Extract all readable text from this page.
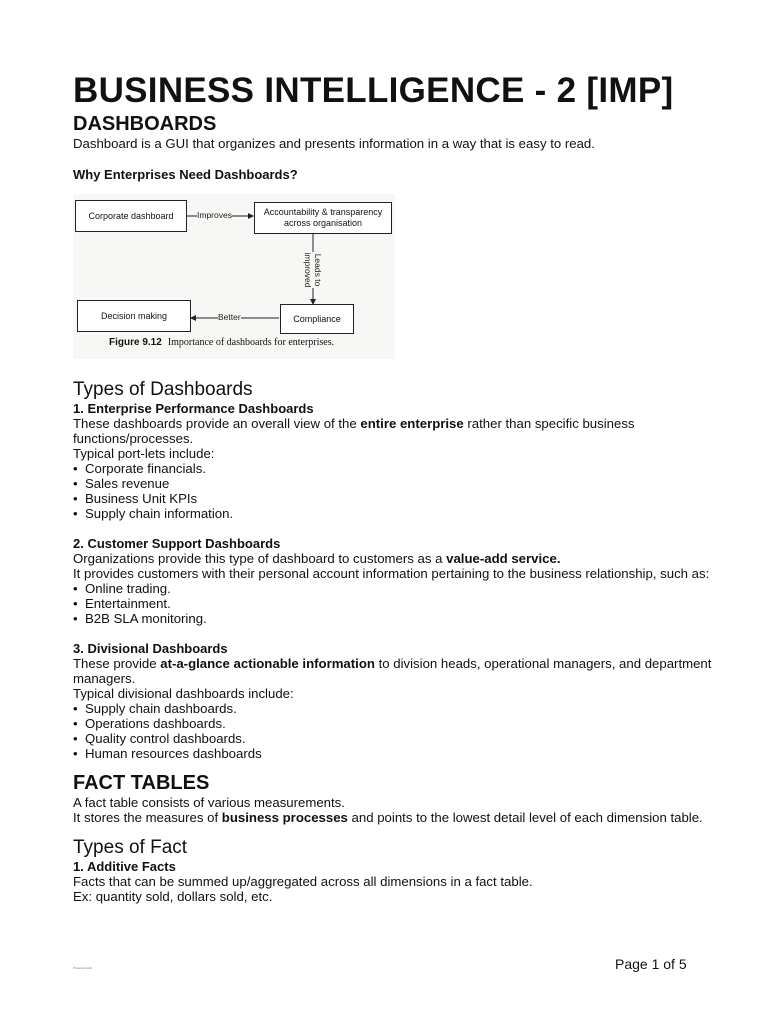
BUSINESS INTELLIGENCE - 2 [IMP]
DASHBOARDS

Dashboard is a GUI that organizes and presents information in a way that is easy to read.

Why Enterprises Need Dashboards?

Corporate dashboard	Improves	Accountability & transparency across organisation
Leads to improved
Compliance
Better
Decision making
Figure 9.12 Importance of dashboards for enterprises.
Types of Dashboards

1. Enterprise Performance Dashboards

These dashboards provide an overall view of the entire enterprise rather than specific business functions/processes.

Typical port-lets include:

• Corporate financials.
• Sales revenue
• Business Unit KPIs
• Supply chain information.

2. Customer Support Dashboards

Organizations provide this type of dashboard to customers as a value-add service.

It provides customers with their personal account information pertaining to the business relationship, such as:

• Online trading.
• Entertainment.
• B2B SLA monitoring.

3. Divisional Dashboards

These provide at-a-glance actionable information to division heads, operational managers, and department managers.

Typical divisional dashboards include:

• Supply chain dashboards.
• Operations dashboards.
• Quality control dashboards.
• Human resources dashboards
FACT TABLES

A fact table consists of various measurements.

It stores the measures of business processes and points to the lowest detail level of each dimension table.

Types of Fact

1. Additive Facts

Facts that can be summed up/aggregated across all dimensions in a fact table.

Ex: quantity sold, dollars sold, etc.

Protected with	Page 1 of 5
